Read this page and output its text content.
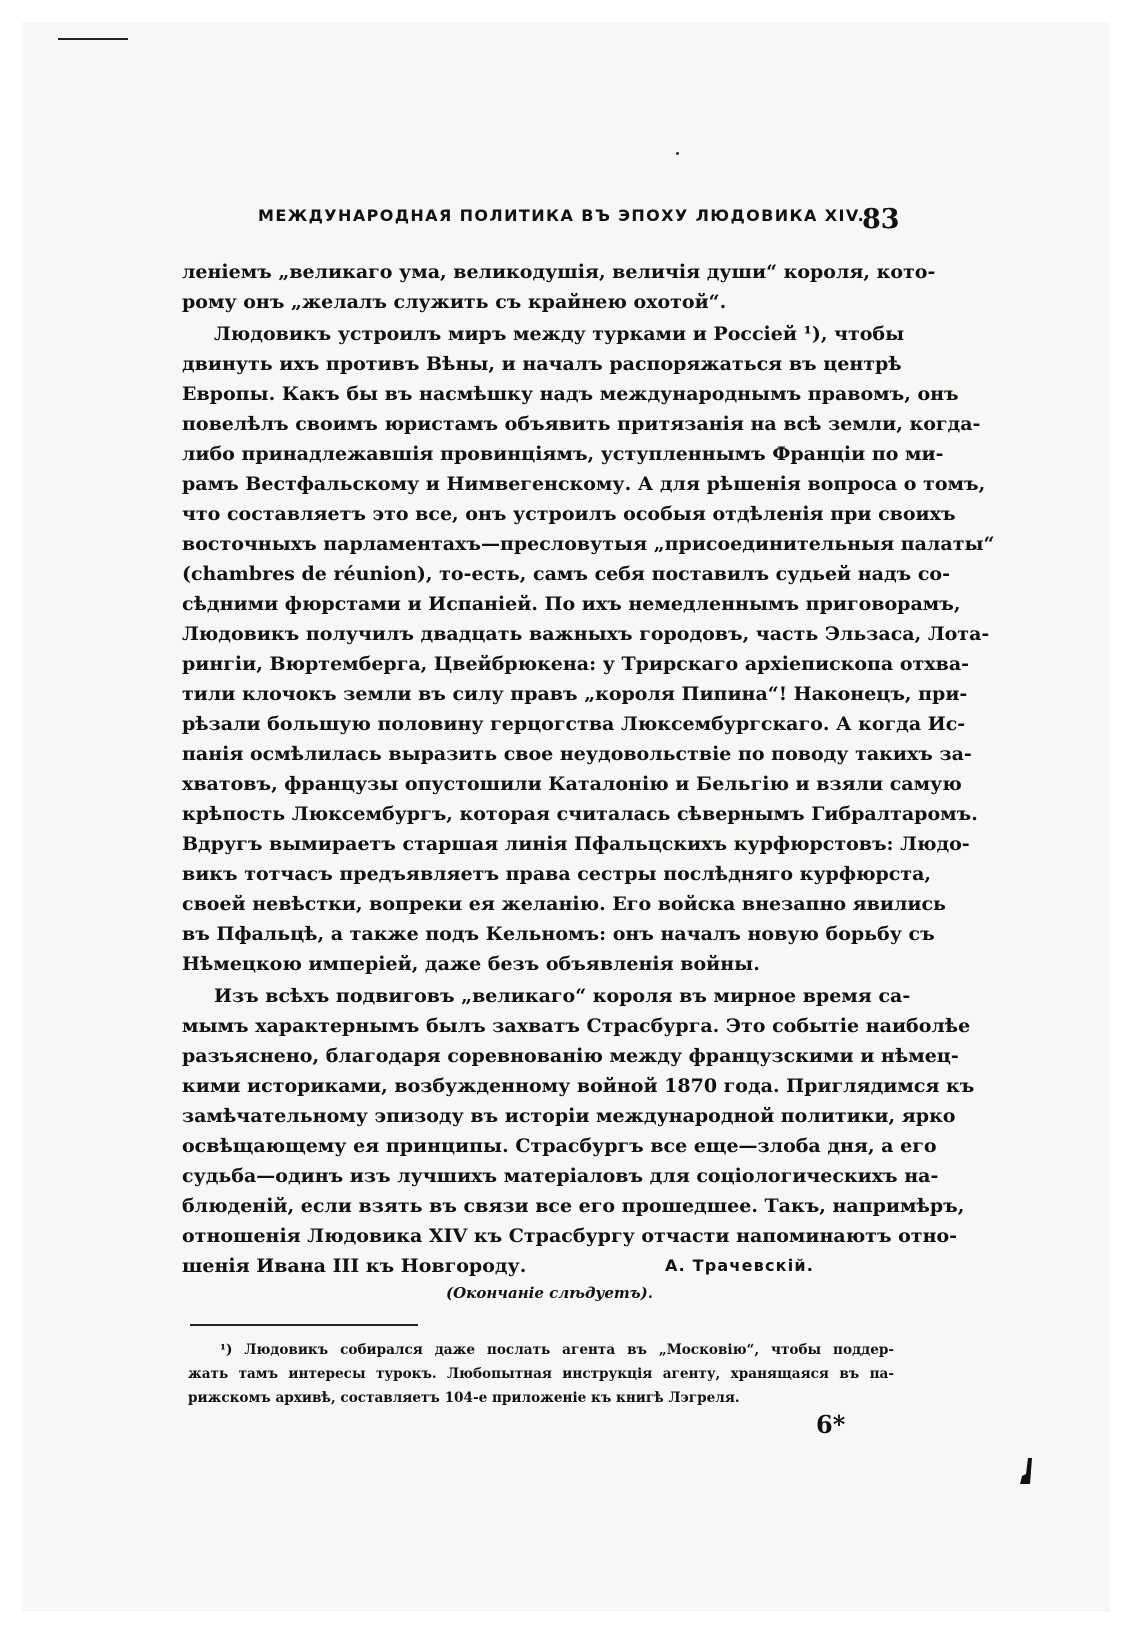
МЕЖДУНАРОДНАЯ ПОЛИТИКА ВЪ ЭПОХУ ЛЮДОВИКА XIV.
83
леніемъ „великаго ума, великодушія, величія души“ короля, кото-
рому онъ „желалъ служить съ крайнею охотой“.
Людовикъ устроилъ миръ между турками и Россіей ¹), чтобы
двинуть ихъ противъ Вѣны, и началъ распоряжаться въ центрѣ
Европы. Какъ бы въ насмѣшку надъ международнымъ правомъ, онъ
повелѣлъ своимъ юристамъ объявить притязанія на всѣ земли, когда-
либо принадлежавшія провинціямъ, уступленнымъ Франціи по ми-
рамъ Вестфальскому и Нимвегенскому. А для рѣшенія вопроса о томъ,
что составляетъ это все, онъ устроилъ особыя отдѣленія при своихъ
восточныхъ парламентахъ—пресловутыя „присоединительныя палаты“
(chambres de réunion), то-есть, самъ себя поставилъ судьей надъ со-
сѣдними фюрстами и Испаніей. По ихъ немедленнымъ приговорамъ,
Людовикъ получилъ двадцать важныхъ городовъ, часть Эльзаса, Лота-
рингіи, Вюртемберга, Цвейбрюкена: у Трирскаго архіепископа отхва-
тили клочокъ земли въ силу правъ „короля Пипина“! Наконецъ, при-
рѣзали большую половину герцогства Люксембургскаго. А когда Ис-
панія осмѣлилась выразить свое неудовольствіе по поводу такихъ за-
хватовъ, французы опустошили Каталонію и Бельгію и взяли самую
крѣпость Люксембургъ, которая считалась сѣвернымъ Гибралтаромъ.
Вдругъ вымираетъ старшая линія Пфальцскихъ курфюрстовъ: Людо-
викъ тотчасъ предъявляетъ права сестры послѣдняго курфюрста,
своей невѣстки, вопреки ея желанію. Его войска внезапно явились
въ Пфальцѣ, а также подъ Кельномъ: онъ началъ новую борьбу съ
Нѣмецкою имперіей, даже безъ объявленія войны.
Изъ всѣхъ подвиговъ „великаго“ короля въ мирное время са-
мымъ характернымъ былъ захватъ Страсбурга. Это событіе наиболѣе
разъяснено, благодаря соревнованію между французскими и нѣмец-
кими историками, возбужденному войной 1870 года. Приглядимся къ
замѣчательному эпизоду въ исторіи международной политики, ярко
освѣщающему ея принципы. Страсбургъ все еще—злоба дня, а его
судьба—одинъ изъ лучшихъ матеріаловъ для соціологическихъ на-
блюденій, если взять въ связи все его прошедшее. Такъ, напримѣръ,
отношенія Людовика XIV къ Страсбургу отчасти напоминаютъ отно-
шенія Ивана III къ Новгороду.	А. Трачевскій.
(Окончаніе слѣдуетъ).
¹) Людовикъ собирался даже послать агента въ „Московію“, чтобы поддер-
жать тамъ интересы турокъ. Любопытная инструкція агенту, хранящаяся въ па-
рижскомъ архивѣ, составляетъ 104-е приложеніе къ книгѣ Лэгреля.
6*
